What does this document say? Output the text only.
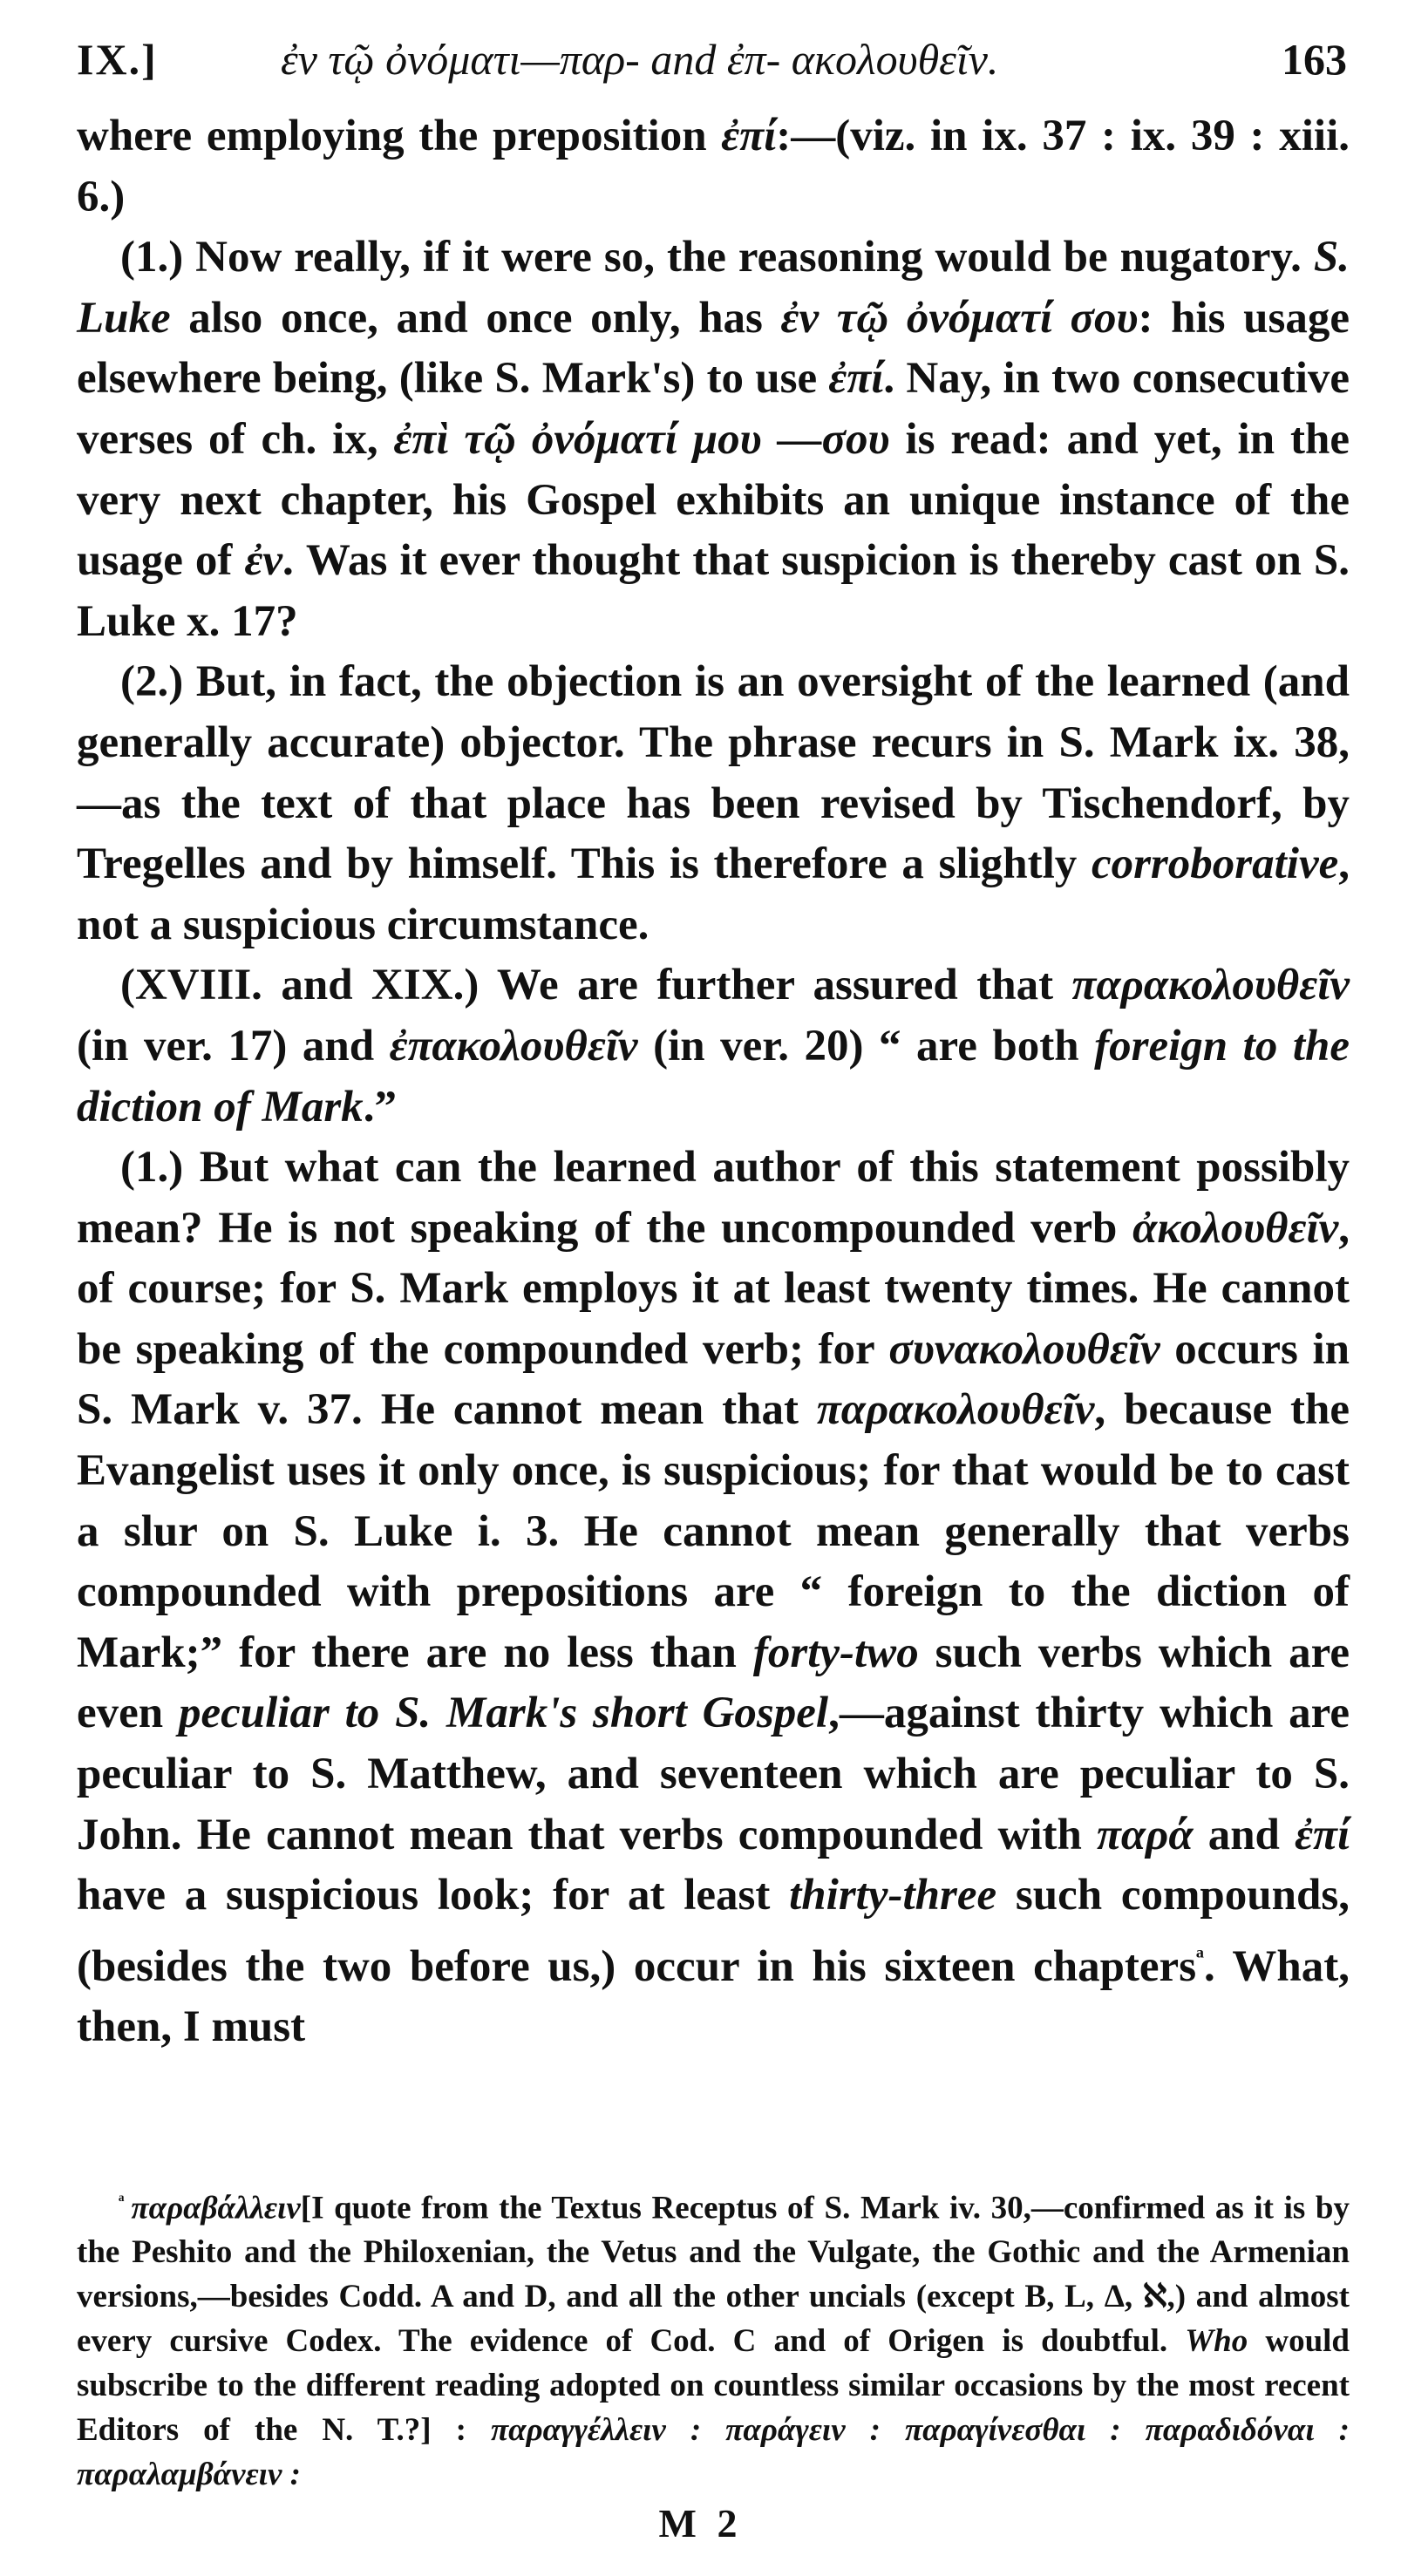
IX.]	ἐν τῷ ὀνόματι—παρ- and ἐπ- ακολουθεῖν.	163

where employing the preposition ἐπί:—(viz. in ix. 37 : ix. 39 : xiii. 6.)

(1.) Now really, if it were so, the reasoning would be nugatory. S. Luke also once, and once only, has ἐν τῷ ὀνόματί σου: his usage elsewhere being, (like S. Mark's) to use ἐπί. Nay, in two consecutive verses of ch. ix, ἐπὶ τῷ ὀνόματί μου —σου is read: and yet, in the very next chapter, his Gospel exhibits an unique instance of the usage of ἐν. Was it ever thought that suspicion is thereby cast on S. Luke x. 17?

(2.) But, in fact, the objection is an oversight of the learned (and generally accurate) objector. The phrase recurs in S. Mark ix. 38,—as the text of that place has been revised by Tischendorf, by Tregelles and by himself. This is therefore a slightly corroborative, not a suspicious circumstance.

(XVIII. and XIX.) We are further assured that παρακολουθεῖν (in ver. 17) and ἐπακολουθεῖν (in ver. 20) “ are both foreign to the diction of Mark.”

(1.) But what can the learned author of this statement possibly mean? He is not speaking of the uncompounded verb ἀκολουθεῖν, of course; for S. Mark employs it at least twenty times. He cannot be speaking of the compounded verb; for συνακολουθεῖν occurs in S. Mark v. 37. He cannot mean that παρακολουθεῖν, because the Evangelist uses it only once, is suspicious; for that would be to cast a slur on S. Luke i. 3. He cannot mean generally that verbs compounded with prepositions are “ foreign to the diction of Mark;” for there are no less than forty-two such verbs which are even peculiar to S. Mark's short Gospel,—against thirty which are peculiar to S. Matthew, and seventeen which are peculiar to S. John. He cannot mean that verbs compounded with παρά and ἐπί have a suspicious look; for at least thirty-three such compounds, (besides the two before us,) occur in his sixteen chapters$^ᵃ$. What, then, I must

$^ᵃ$ παραβάλλειν[I quote from the Textus Receptus of S. Mark iv. 30,—confirmed as it is by the Peshito and the Philoxenian, the Vetus and the Vulgate, the Gothic and the Armenian versions,—besides Codd. A and D, and all the other uncials (except B, L, Δ, ℵ,) and almost every cursive Codex. The evidence of Cod. C and of Origen is doubtful. Who would subscribe to the different reading adopted on countless similar occasions by the most recent Editors of the N. T.?] : παραγγέλλειν : παράγειν : παραγίνεσθαι : παραδιδόναι : παραλαμβάνειν :

M 2
